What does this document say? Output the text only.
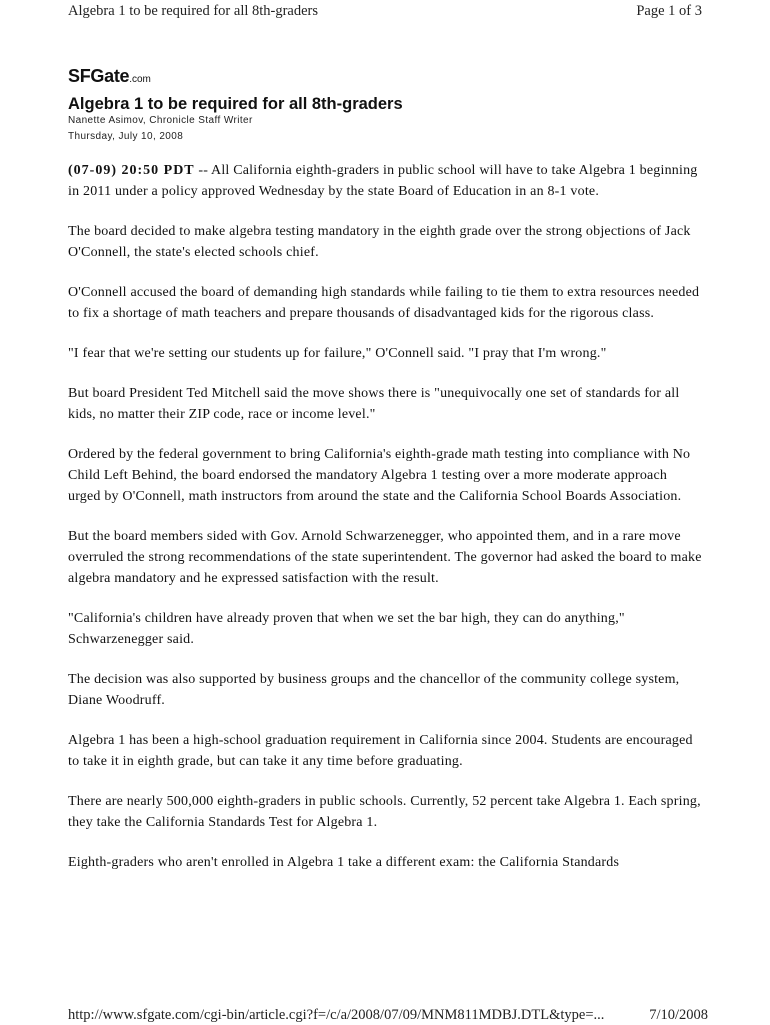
Algebra 1 to be required for all 8th-graders	Page 1 of 3
SFGate.com
Algebra 1 to be required for all 8th-graders
Nanette Asimov, Chronicle Staff Writer
Thursday, July 10, 2008

(07-09) 20:50 PDT -- All California eighth-graders in public school will have to take Algebra 1 beginning in 2011 under a policy approved Wednesday by the state Board of Education in an 8-1 vote.

The board decided to make algebra testing mandatory in the eighth grade over the strong objections of Jack O'Connell, the state's elected schools chief.

O'Connell accused the board of demanding high standards while failing to tie them to extra resources needed to fix a shortage of math teachers and prepare thousands of disadvantaged kids for the rigorous class.

"I fear that we're setting our students up for failure," O'Connell said. "I pray that I'm wrong."

But board President Ted Mitchell said the move shows there is "unequivocally one set of standards for all kids, no matter their ZIP code, race or income level."

Ordered by the federal government to bring California's eighth-grade math testing into compliance with No Child Left Behind, the board endorsed the mandatory Algebra 1 testing over a more moderate approach urged by O'Connell, math instructors from around the state and the California School Boards Association.

But the board members sided with Gov. Arnold Schwarzenegger, who appointed them, and in a rare move overruled the strong recommendations of the state superintendent. The governor had asked the board to make algebra mandatory and he expressed satisfaction with the result.

"California's children have already proven that when we set the bar high, they can do anything," Schwarzenegger said.

The decision was also supported by business groups and the chancellor of the community college system, Diane Woodruff.

Algebra 1 has been a high-school graduation requirement in California since 2004. Students are encouraged to take it in eighth grade, but can take it any time before graduating.

There are nearly 500,000 eighth-graders in public schools. Currently, 52 percent take Algebra 1. Each spring, they take the California Standards Test for Algebra 1.

Eighth-graders who aren't enrolled in Algebra 1 take a different exam: the California Standards

http://www.sfgate.com/cgi-bin/article.cgi?f=/c/a/2008/07/09/MNM811MDBJ.DTL&type=...	7/10/2008
